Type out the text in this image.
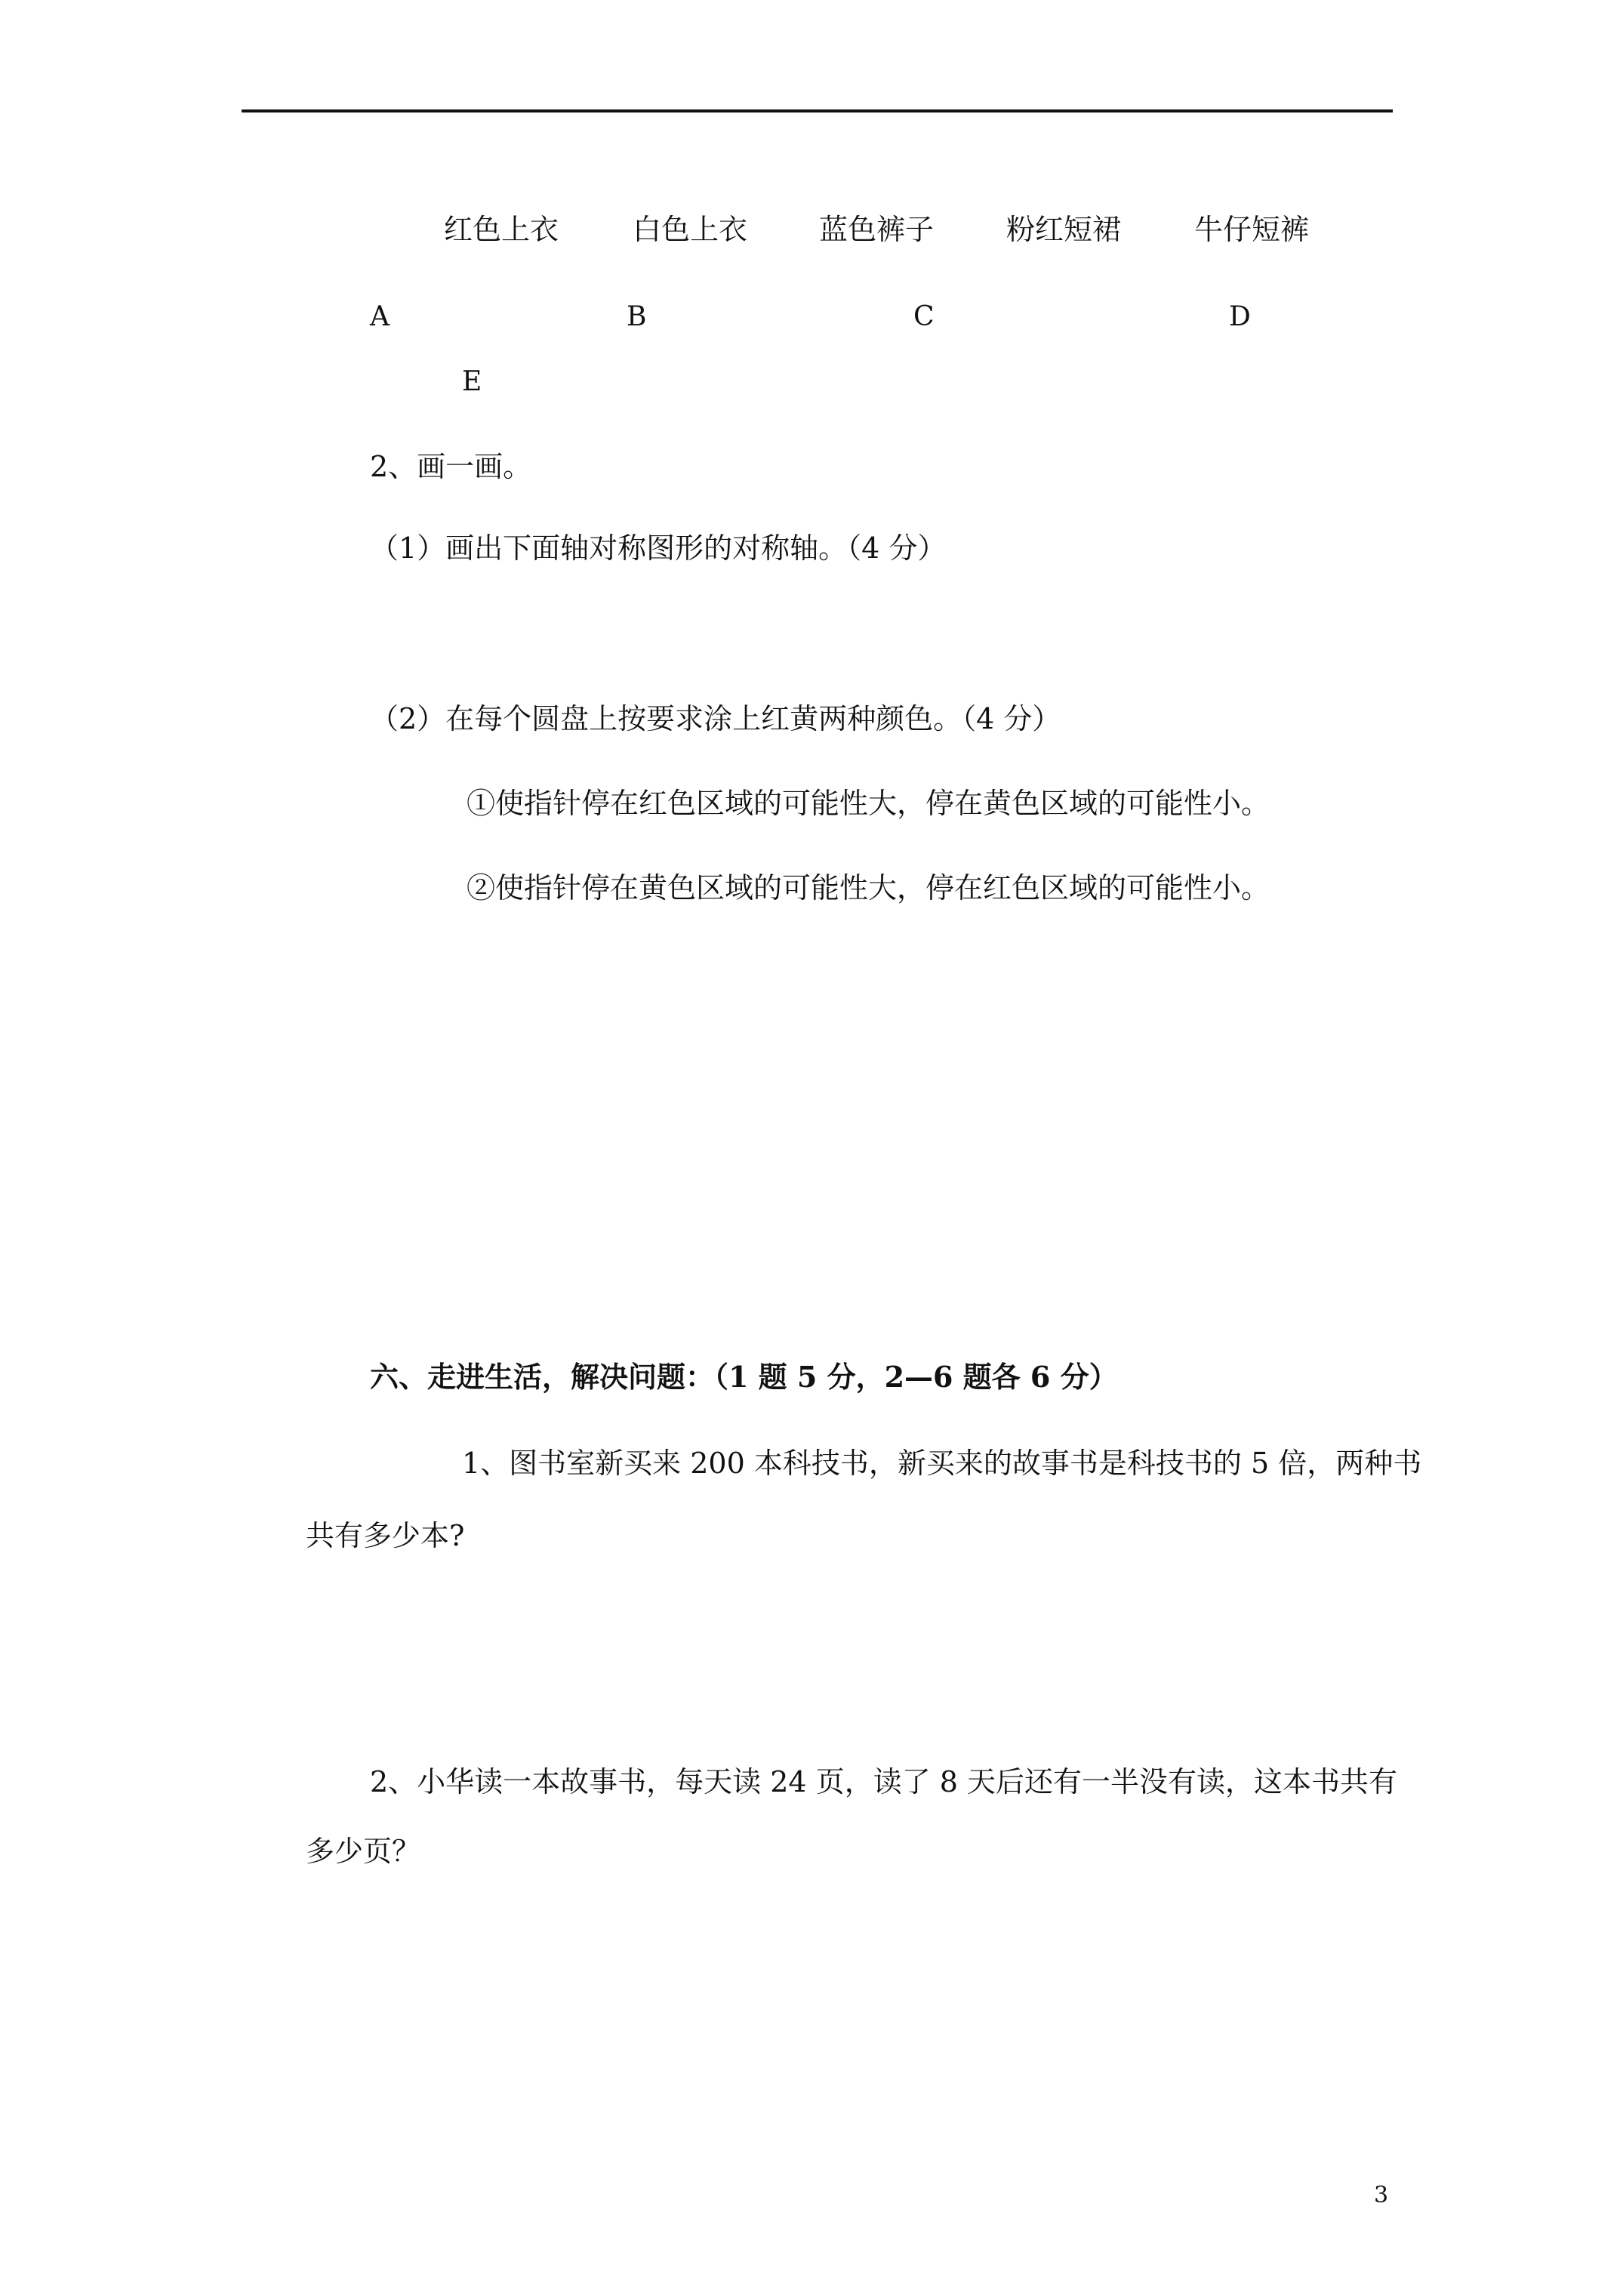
红色上衣	白色上衣 蓝色裤子	粉红短裙	牛仔短裤
A	B	C	D
E
2、画一画。
（1）画出下面轴对称图形的对称轴。（4 分）
（2）在每个圆盘上按要求涂上红黄两种颜色。（4 分）
①使指针停在红色区域的可能性大，停在黄色区域的可能性小。
②使指针停在黄色区域的可能性大，停在红色区域的可能性小。
六、走进生活，解决问题：（1 题 5 分，2—6 题各 6 分）
1、图书室新买来 200 本科技书，新买来的故事书是科技书的 5 倍，两种书
共有多少本?
2、小华读一本故事书，每天读 24 页，读了 8 天后还有一半没有读，这本书共有
多少页？
3
